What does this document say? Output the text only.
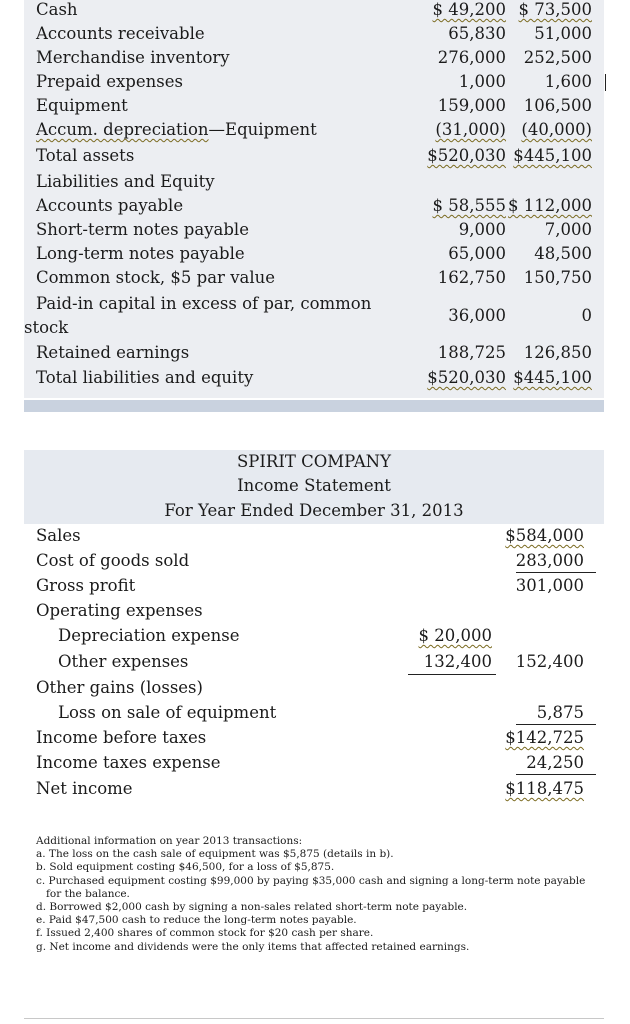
Cash	$ 49,200 $ 73,500
Accounts receivable	65,830 51,000
Merchandise inventory	276,000 252,500
Prepaid expenses	1,000 1,600
Equipment	159,000 106,500
Accum. depreciation—Equipment	(31,000) (40,000)
Total assets	$520,030 $445,100
Liabilities and Equity
Accounts payable	$ 58,555 $ 112,000
Short-term notes payable	9,000 7,000
Long-term notes payable	65,000 48,500
Common stock, $5 par value	162,750 150,750
Paid-in capital in excess of par, common
stock
36,000	0
Retained earnings	188,725 126,850
Total liabilities and equity	$520,030 $445,100
SPIRIT COMPANY
Income Statement
For Year Ended December 31, 2013
Sales	$584,000
Cost of goods sold	283,000
Gross profit	301,000
Operating expenses
Depreciation expense	$ 20,000
Other expenses	132,400 152,400
Other gains (losses)
Loss on sale of equipment	5,875
Income before taxes	$142,725
Income taxes expense	24,250
Net income	$118,475

Additional information on year 2013 transactions:

a. The loss on the cash sale of equipment was $5,875 (details in b).

b. Sold equipment costing $46,500, for a loss of $5,875.

c. Purchased equipment costing $99,000 by paying $35,000 cash and signing a long-term note payable for the balance.

d. Borrowed $2,000 cash by signing a non-sales related short-term note payable.

e. Paid $47,500 cash to reduce the long-term notes payable.

f. Issued 2,400 shares of common stock for $20 cash per share.

g. Net income and dividends were the only items that affected retained earnings.
